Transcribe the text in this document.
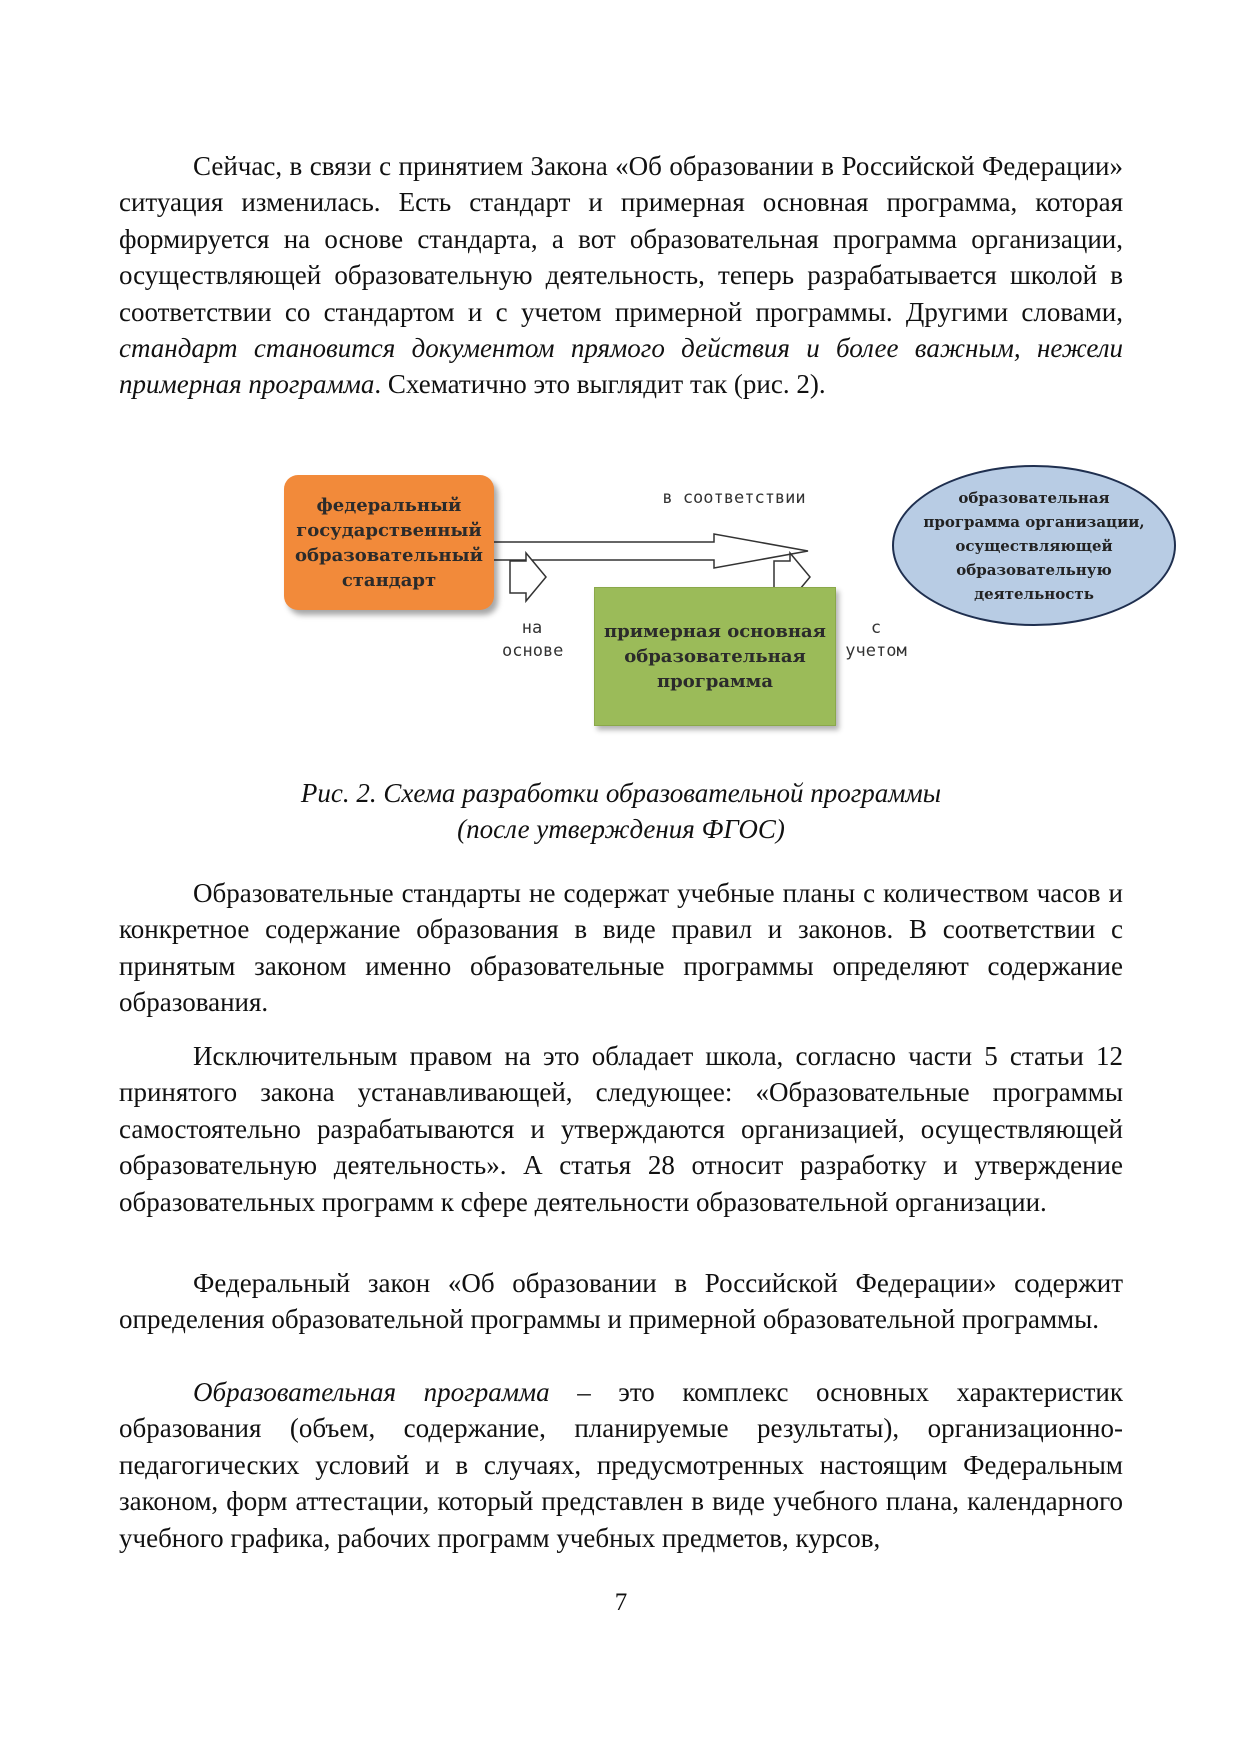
Сейчас, в связи с принятием Закона «Об образовании в Российской Федерации» ситуация изменилась. Есть стандарт и примерная основная программа, которая формируется на основе стандарта, а вот образовательная программа организации, осуществляющей образовательную деятельность, теперь разрабатывается школой в соответствии со стандартом и с учетом примерной программы. Другими словами, стандарт становится документом прямого действия и более важным, нежели примерная программа. Схематично это выглядит так (рис. 2).

федеральный
государственный
образовательный
стандарт
в соответствии
на
основе
примерная основная
образовательная
программа
с
учетом
образовательная
программа организации,
осуществляющей
образовательную
деятельность
Рис. 2. Схема разработки образовательной программы
(после утверждения ФГОС)

Образовательные стандарты не содержат учебные планы с количеством часов и конкретное содержание образования в виде правил и законов. В соответствии с принятым законом именно образовательные программы определяют содержание образования.

Исключительным правом на это обладает школа, согласно части 5 статьи 12 принятого закона устанавливающей, следующее: «Образовательные программы самостоятельно разрабатываются и утверждаются организацией, осуществляющей образовательную деятельность». А статья 28 относит разработку и утверждение образовательных программ к сфере деятельности образовательной организации.

Федеральный закон «Об образовании в Российской Федерации» содержит определения образовательной программы и примерной образовательной программы.

Образовательная программа – это комплекс основных характеристик образования (объем, содержание, планируемые результаты), организационно-педагогических условий и в случаях, предусмотренных настоящим Федеральным законом, форм аттестации, который представлен в виде учебного плана, календарного учебного графика, рабочих программ учебных предметов, курсов,

7
